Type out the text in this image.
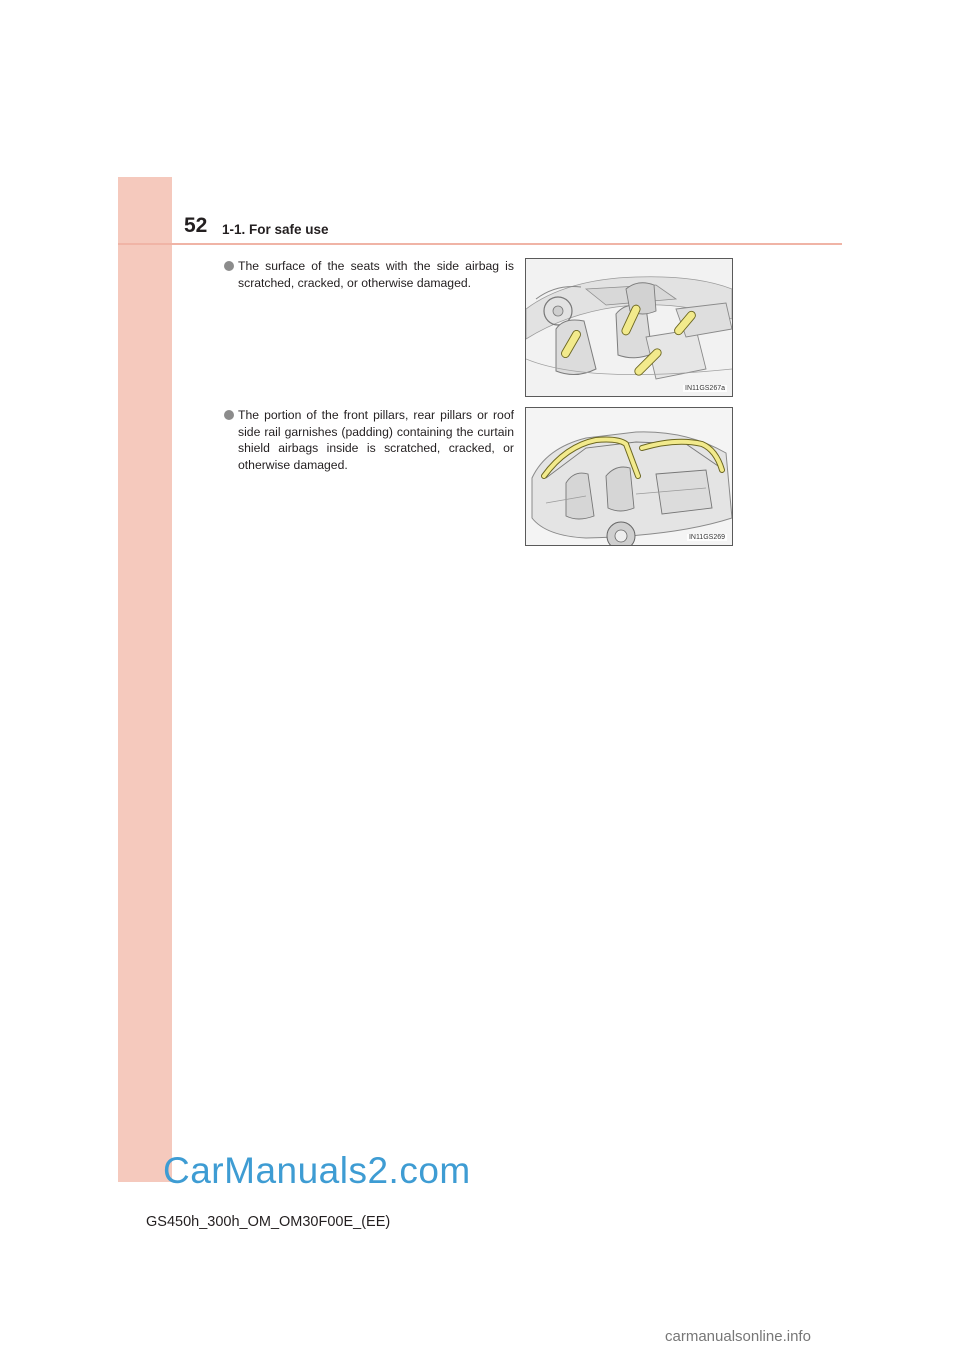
52 1-1. For safe use
The surface of the seats with the side airbag is scratched, cracked, or otherwise damaged.
The portion of the front pillars, rear pillars or roof side rail garnishes (padding) containing the curtain shield airbags inside is scratched, cracked, or otherwise damaged.
IN11GS267a
IN11GS269
CarManuals2.com
GS450h_300h_OM_OM30F00E_(EE)
carmanualsonline.info
